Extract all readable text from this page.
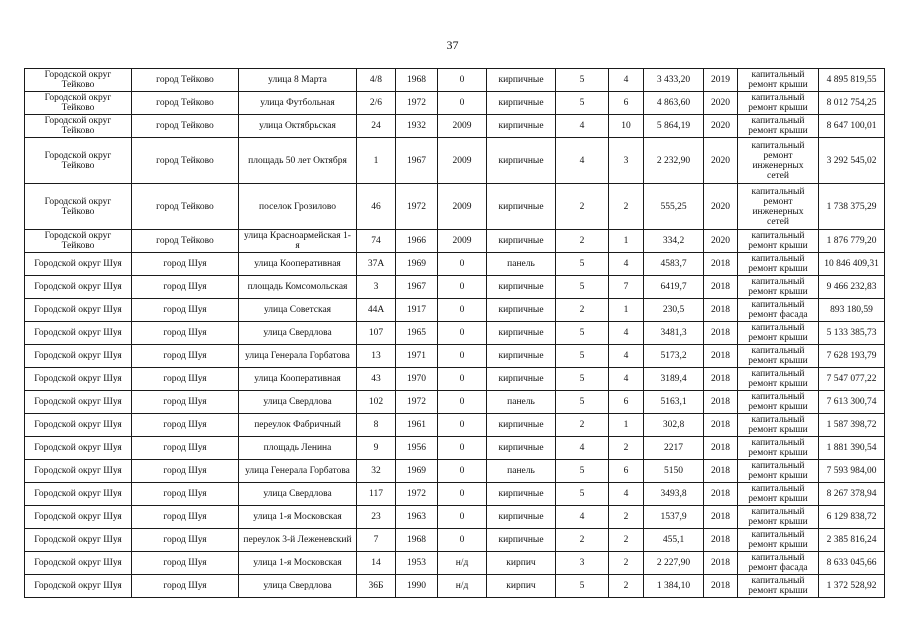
37
Городской округ Тейково	город Тейково	улица 8 Марта	4/8	1968	0	кирпичные	5	4	3 433,20	2019	капитальный ремонт крыши	4 895 819,55
Городской округ Тейково	город Тейково	улица Футбольная	2/6	1972	0	кирпичные	5	6	4 863,60	2020	капитальный ремонт крыши	8 012 754,25
Городской округ Тейково	город Тейково	улица Октябрьская	24	1932	2009	кирпичные	4	10	5 864,19	2020	капитальный ремонт крыши	8 647 100,01
Городской округ Тейково	город Тейково	площадь 50 лет Октября	1	1967	2009	кирпичные	4	3	2 232,90	2020	капитальный ремонт инженерных сетей	3 292 545,02
Городской округ Тейково	город Тейково	поселок Грозилово	46	1972	2009	кирпичные	2	2	555,25	2020	капитальный ремонт инженерных сетей	1 738 375,29
Городской округ Тейково	город Тейково	улица Красноармейская 1-я	74	1966	2009	кирпичные	2	1	334,2	2020	капитальный ремонт крыши	1 876 779,20
Городской округ Шуя	город Шуя	улица Кооперативная	37А	1969	0	панель	5	4	4583,7	2018	капитальный ремонт крыши	10 846 409,31
Городской округ Шуя	город Шуя	площадь Комсомольская	3	1967	0	кирпичные	5	7	6419,7	2018	капитальный ремонт крыши	9 466 232,83
Городской округ Шуя	город Шуя	улица Советская	44А	1917	0	кирпичные	2	1	230,5	2018	капитальный ремонт фасада	893 180,59
Городской округ Шуя	город Шуя	улица Свердлова	107	1965	0	кирпичные	5	4	3481,3	2018	капитальный ремонт крыши	5 133 385,73
Городской округ Шуя	город Шуя	улица Генерала Горбатова	13	1971	0	кирпичные	5	4	5173,2	2018	капитальный ремонт крыши	7 628 193,79
Городской округ Шуя	город Шуя	улица Кооперативная	43	1970	0	кирпичные	5	4	3189,4	2018	капитальный ремонт крыши	7 547 077,22
Городской округ Шуя	город Шуя	улица Свердлова	102	1972	0	панель	5	6	5163,1	2018	капитальный ремонт крыши	7 613 300,74
Городской округ Шуя	город Шуя	переулок Фабричный	8	1961	0	кирпичные	2	1	302,8	2018	капитальный ремонт крыши	1 587 398,72
Городской округ Шуя	город Шуя	площадь Ленина	9	1956	0	кирпичные	4	2	2217	2018	капитальный ремонт крыши	1 881 390,54
Городской округ Шуя	город Шуя	улица Генерала Горбатова	32	1969	0	панель	5	6	5150	2018	капитальный ремонт крыши	7 593 984,00
Городской округ Шуя	город Шуя	улица Свердлова	117	1972	0	кирпичные	5	4	3493,8	2018	капитальный ремонт крыши	8 267 378,94
Городской округ Шуя	город Шуя	улица 1-я Московская	23	1963	0	кирпичные	4	2	1537,9	2018	капитальный ремонт крыши	6 129 838,72
Городской округ Шуя	город Шуя	переулок 3-й Леженевский	7	1968	0	кирпичные	2	2	455,1	2018	капитальный ремонт крыши	2 385 816,24
Городской округ Шуя	город Шуя	улица 1-я Московская	14	1953	н/д	кирпич	3	2	2 227,90	2018	капитальный ремонт фасада	8 633 045,66
Городской округ Шуя	город Шуя	улица Свердлова	36Б	1990	н/д	кирпич	5	2	1 384,10	2018	капитальный ремонт крыши	1 372 528,92
